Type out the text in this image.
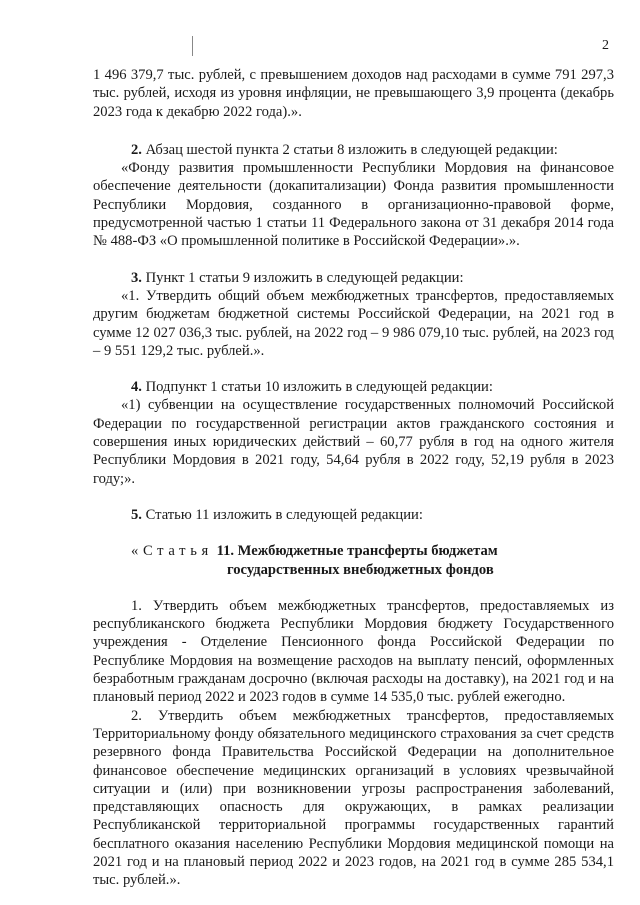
2

1 496 379,7 тыс. рублей, с превышением доходов над расходами в сумме 791 297,3 тыс. рублей, исходя из уровня инфляции, не превышающего 3,9 процента (декабрь 2023 года к декабрю 2022 года).».

2. Абзац шестой пункта 2 статьи 8 изложить в следующей редакции:

«Фонду развития промышленности Республики Мордовия на финансовое обеспечение деятельности (докапитализации) Фонда развития промышленности Республики Мордовия, созданного в организационно-правовой форме, предусмотренной частью 1 статьи 11 Федерального закона от 31 декабря 2014 года № 488-ФЗ «О промышленной политике в Российской Федерации».».

3. Пункт 1 статьи 9 изложить в следующей редакции:

«1. Утвердить общий объем межбюджетных трансфертов, предоставляемых другим бюджетам бюджетной системы Российской Федерации, на 2021 год в сумме 12 027 036,3 тыс. рублей, на 2022 год – 9 986 079,10 тыс. рублей, на 2023 год – 9 551 129,2 тыс. рублей.».

4. Подпункт 1 статьи 10 изложить в следующей редакции:

«1) субвенции на осуществление государственных полномочий Российской Федерации по государственной регистрации актов гражданского состояния и совершения иных юридических действий – 60,77 рубля в год на одного жителя Республики Мордовия в 2021 году, 54,64 рубля в 2022 году, 52,19 рубля в 2023 году;».

5. Статью 11 изложить в следующей редакции:

«Статья 11. Межбюджетные трансферты бюджетам

государственных внебюджетных фондов

1. Утвердить объем межбюджетных трансфертов, предоставляемых из республиканского бюджета Республики Мордовия бюджету Государственного учреждения - Отделение Пенсионного фонда Российской Федерации по Республике Мордовия на возмещение расходов на выплату пенсий, оформленных безработным гражданам досрочно (включая расходы на доставку), на 2021 год и на плановый период 2022 и 2023 годов в сумме 14 535,0 тыс. рублей ежегодно.

2. Утвердить объем межбюджетных трансфертов, предоставляемых Территориальному фонду обязательного медицинского страхования за счет средств резервного фонда Правительства Российской Федерации на дополнительное финансовое обеспечение медицинских организаций в условиях чрезвычайной ситуации и (или) при возникновении угрозы распространения заболеваний, представляющих опасность для окружающих, в рамках реализации Республиканской территориальной программы государственных гарантий бесплатного оказания населению Республики Мордовия медицинской помощи на 2021 год и на плановый период 2022 и 2023 годов, на 2021 год в сумме 285 534,1 тыс. рублей.».
